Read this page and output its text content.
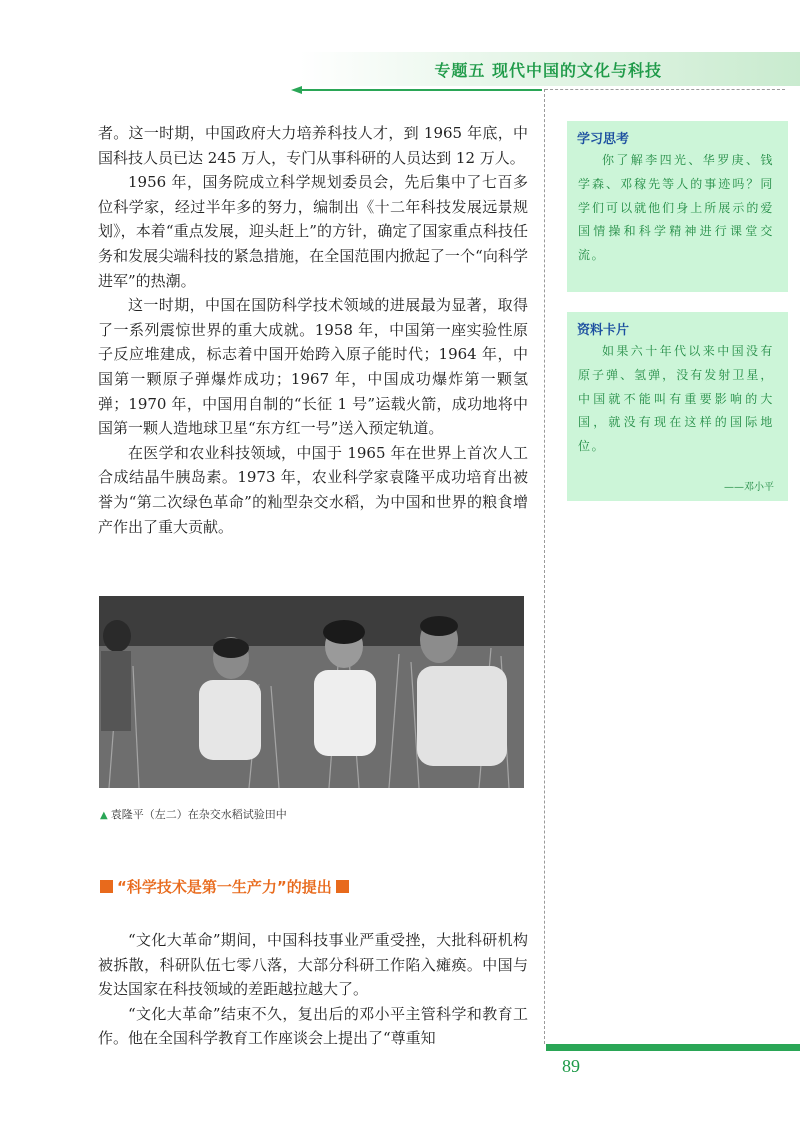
专题五 现代中国的文化与科技

者。这一时期，中国政府大力培养科技人才，到 1965 年底，中国科技人员已达 245 万人，专门从事科研的人员达到 12 万人。

1956 年，国务院成立科学规划委员会，先后集中了七百多位科学家，经过半年多的努力，编制出《十二年科技发展远景规划》，本着“重点发展，迎头赶上”的方针，确定了国家重点科技任务和发展尖端科技的紧急措施，在全国范围内掀起了一个“向科学进军”的热潮。

这一时期，中国在国防科学技术领域的进展最为显著，取得了一系列震惊世界的重大成就。1958 年，中国第一座实验性原子反应堆建成，标志着中国开始跨入原子能时代；1964 年，中国第一颗原子弹爆炸成功；1967 年，中国成功爆炸第一颗氢弹；1970 年，中国用自制的“长征 1 号”运载火箭，成功地将中国第一颗人造地球卫星“东方红一号”送入预定轨道。

在医学和农业科技领域，中国于 1965 年在世界上首次人工合成结晶牛胰岛素。1973 年，农业科学家袁隆平成功培育出被誉为“第二次绿色革命”的籼型杂交水稻，为中国和世界的粮食增产作出了重大贡献。

▲ 袁隆平（左二）在杂交水稻试验田中
“科学技术是第一生产力”的提出

“文化大革命”期间，中国科技事业严重受挫，大批科研机构被拆散，科研队伍七零八落，大部分科研工作陷入瘫痪。中国与发达国家在科技领域的差距越拉越大了。

“文化大革命”结束不久，复出后的邓小平主管科学和教育工作。他在全国科学教育工作座谈会上提出了“尊重知

学习思考

你了解李四光、华罗庚、钱学森、邓稼先等人的事迹吗？同学们可以就他们身上所展示的爱国情操和科学精神进行课堂交流。

资料卡片

如果六十年代以来中国没有原子弹、氢弹，没有发射卫星，中国就不能叫有重要影响的大国，就没有现在这样的国际地位。

——邓小平
89
